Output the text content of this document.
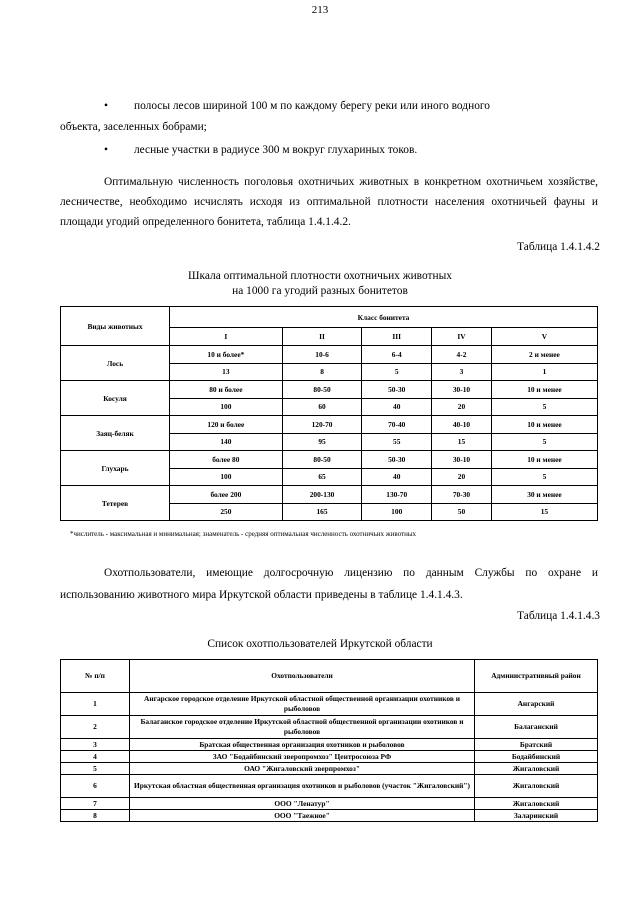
213
• полосы лесов шириной 100 м по каждому берегу реки или иного водного
объекта, заселенных бобрами;
• лесные участки в радиусе 300 м вокруг глухариных токов.
Оптимальную численность поголовья охотничьих животных в конкретном охотничьем хозяйстве, лесничестве, необходимо исчислять исходя из оптимальной плотности населения охотничьей фауны и площади угодий определенного бонитета, таблица 1.4.1.4.2.
Таблица 1.4.1.4.2
Шкала оптимальной плотности охотничьих животных
на 1000 га угодий разных бонитетов
Виды животных	Класс бонитета				
	I	II	III	IV	V
Лось	10 и более*	10-6	6-4	4-2	2 и менее
	13	8	5	3	1
Косуля	80 и более	80-50	50-30	30-10	10 и менее
	100	60	40	20	5
Заяц-беляк	120 и более	120-70	70-40	40-10	10 и менее
	140	95	55	15	5
Глухарь	более 80	80-50	50-30	30-10	10 и менее
	100	65	40	20	5
Тетерев	более 200	200-130	130-70	70-30	30 и менее
	250	165	100	50	15
*числитель - максимальная и минимальная; знаменатель - средняя оптимальная численность охотничьих животных
Охотпользователи, имеющие долгосрочную лицензию по данным Службы по охране и использованию животного мира Иркутской области приведены в таблице 1.4.1.4.3.
Таблица 1.4.1.4.3
Список охотпользователей Иркутской области
№ п/п	Охотпользователи	Административный район
1	Ангарское городское отделение Иркутской областной общественной организации охотников и рыболовов	Ангарский
2	Балаганское городское отделение Иркутской областной общественной организации охотников и рыболовов	Балаганский
3	Братская общественная организация охотников и рыболовов	Братский
4	ЗАО "Бодайбинский зверопромхоз" Центросоюза РФ	Бодайбинский
5	ОАО "Жигаловский зверпромхоз"	Жигаловский
6	Иркутская областная общественная организация охотников и рыболовов (участок "Жигаловский")	Жигаловский
7	ООО "Ленатур"	Жигаловский
8	ООО "Таежное"	Заларинский
